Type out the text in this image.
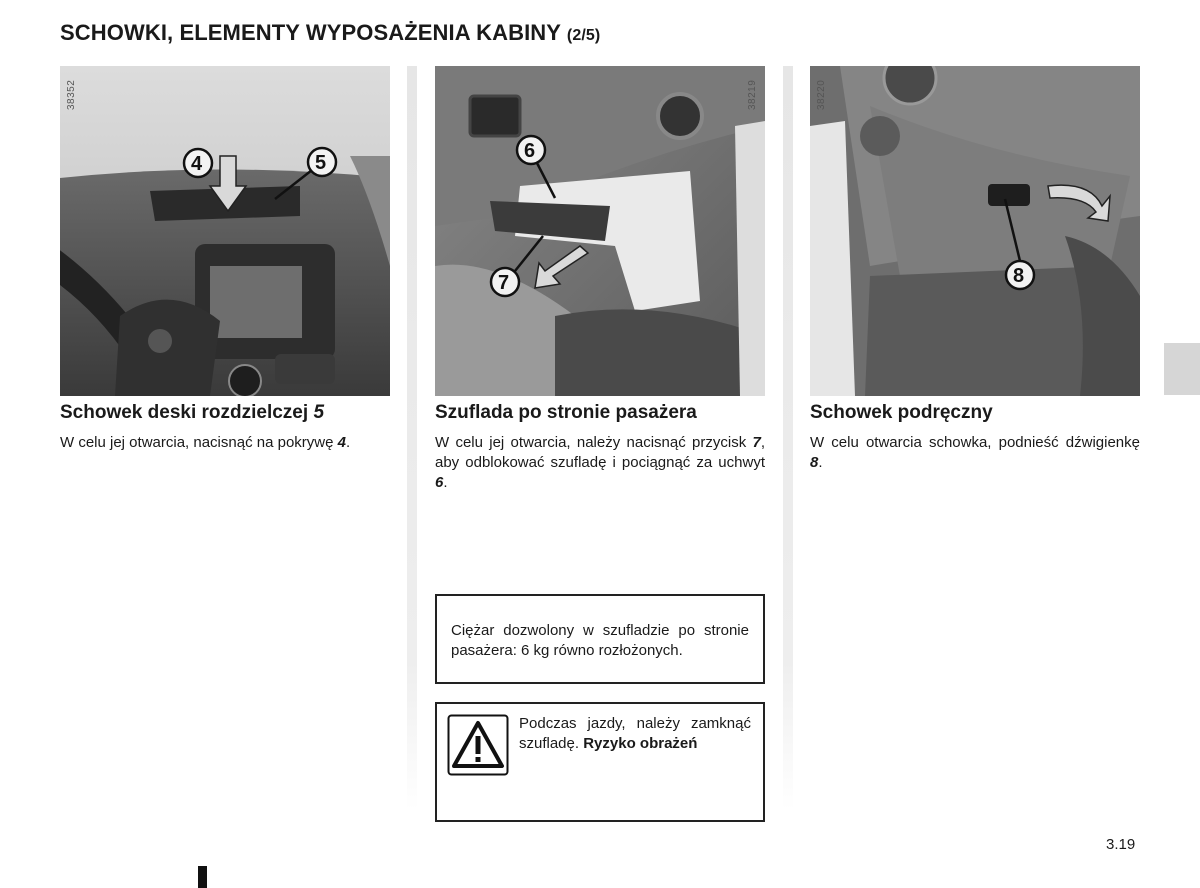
SCHOWKI, ELEMENTY WYPOSAŻENIA KABINY (2/5)
4	5
38352
6
7
38219
8
38220
Schowek deski rozdzielczej 5

W celu jej otwarcia, nacisnąć na pokrywę 4.

Szuflada po stronie pasażera

W celu jej otwarcia, należy nacisnąć przycisk 7, aby odblokować szufladę i pociągnąć za uchwyt 6.

Ciężar dozwolony w szufladzie po stronie pasażera: 6 kg równo rozłożonych.

Podczas jazdy, należy zamknąć szufladę. Ryzyko obrażeń

Schowek podręczny

W celu otwarcia schowka, podnieść dźwigienkę 8.

3.19
